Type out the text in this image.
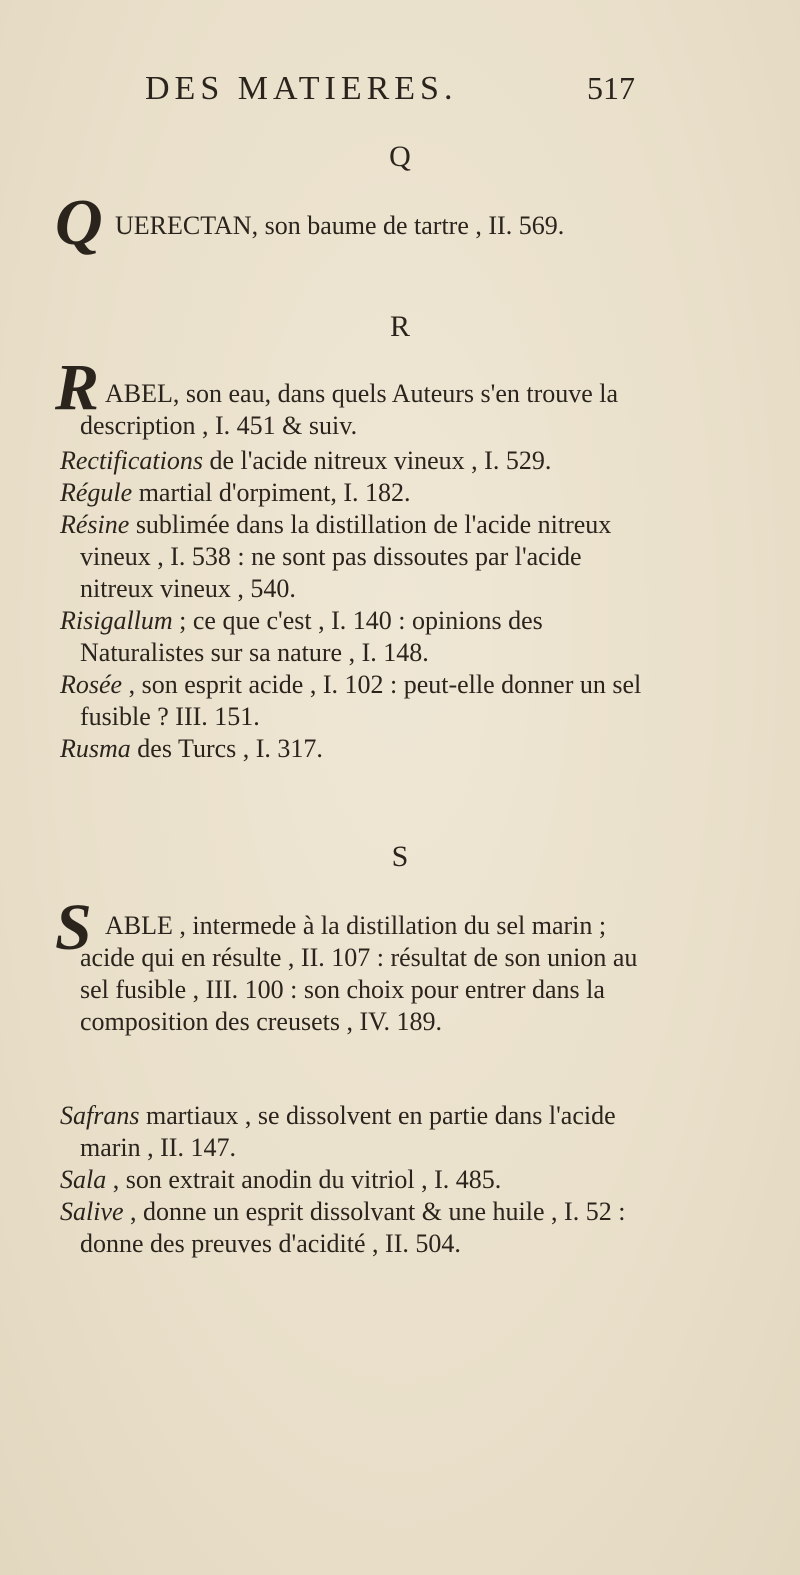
DES MATIERES.	517
Q
Q UERECTAN, son baume de tartre , II. 569.

R
R ABEL, son eau, dans quels Auteurs s'en trouve la description , I. 451 & suiv.

Rectifications de l'acide nitreux vineux , I. 529.

Régule martial d'orpiment, I. 182.

Résine sublimée dans la distillation de l'acide nitreux vineux , I. 538 : ne sont pas dissoutes par l'acide nitreux vineux , 540.

Risigallum ; ce que c'est , I. 140 : opinions des Naturalistes sur sa nature , I. 148.

Rosée , son esprit acide , I. 102 : peut-elle donner un sel fusible ? III. 151.

Rusma des Turcs , I. 317.

S
S ABLE , intermede à la distillation du sel marin ; acide qui en résulte , II. 107 : résultat de son union au sel fusible , III. 100 : son choix pour entrer dans la composition des creusets , IV. 189.

Safrans martiaux , se dissolvent en partie dans l'acide marin , II. 147.

Sala , son extrait anodin du vitriol , I. 485.

Salive , donne un esprit dissolvant & une huile , I. 52 : donne des preuves d'acidité , II. 504.
